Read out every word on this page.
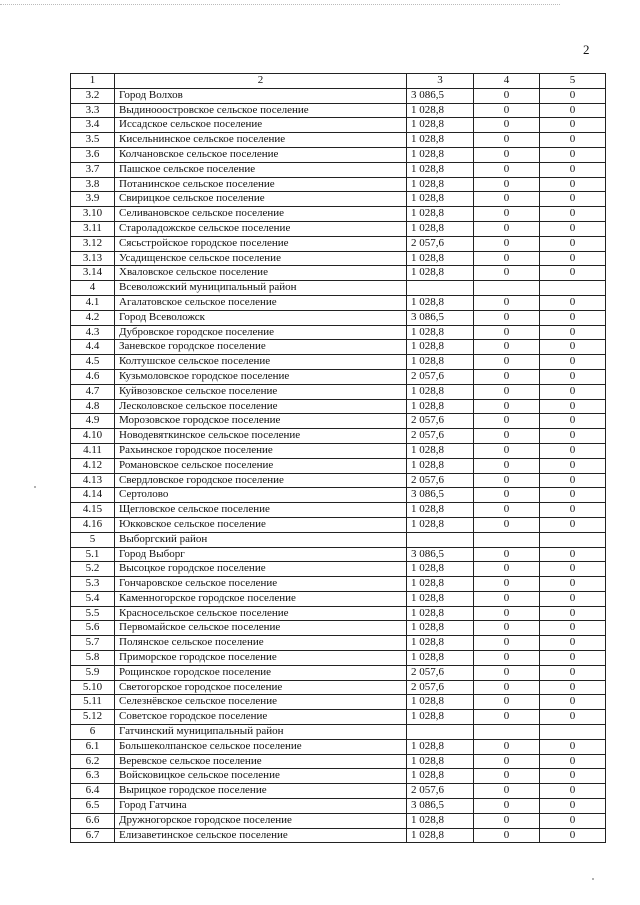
2
1	2	3	4	5
3.2	Город Волхов	3 086,5	0	0
3.3	Выдинооостровское сельское поселение	1 028,8	0	0
3.4	Иссадское сельское поселение	1 028,8	0	0
3.5	Кисельнинское сельское поселение	1 028,8	0	0
3.6	Колчановское сельское поселение	1 028,8	0	0
3.7	Пашское сельское поселение	1 028,8	0	0
3.8	Потанинское сельское поселение	1 028,8	0	0
3.9	Свирицкое сельское поселение	1 028,8	0	0
3.10	Селивановское сельское поселение	1 028,8	0	0
3.11	Староладожское сельское поселение	1 028,8	0	0
3.12	Сясьстройское городское поселение	2 057,6	0	0
3.13	Усадищенское сельское поселение	1 028,8	0	0
3.14	Хваловское сельское поселение	1 028,8	0	0
4	Всеволожский муниципальный район			
4.1	Агалатовское сельское поселение	1 028,8	0	0
4.2	Город Всеволожск	3 086,5	0	0
4.3	Дубровское городское поселение	1 028,8	0	0
4.4	Заневское городское поселение	1 028,8	0	0
4.5	Колтушское сельское поселение	1 028,8	0	0
4.6	Кузьмоловское городское поселение	2 057,6	0	0
4.7	Куйвозовское сельское поселение	1 028,8	0	0
4.8	Лесколовское сельское поселение	1 028,8	0	0
4.9	Морозовское городское поселение	2 057,6	0	0
4.10	Новодевяткинское сельское поселение	2 057,6	0	0
4.11	Рахьинское городское поселение	1 028,8	0	0
4.12	Романовское сельское поселение	1 028,8	0	0
4.13	Свердловское городское поселение	2 057,6	0	0
4.14	Сертолово	3 086,5	0	0
4.15	Щегловское сельское поселение	1 028,8	0	0
4.16	Юкковское сельское поселение	1 028,8	0	0
5	Выборгский район			
5.1	Город Выборг	3 086,5	0	0
5.2	Высоцкое городское поселение	1 028,8	0	0
5.3	Гончаровское сельское поселение	1 028,8	0	0
5.4	Каменногорское городское поселение	1 028,8	0	0
5.5	Красносельское сельское поселение	1 028,8	0	0
5.6	Первомайское сельское поселение	1 028,8	0	0
5.7	Полянское сельское поселение	1 028,8	0	0
5.8	Приморское городское поселение	1 028,8	0	0
5.9	Рощинское городское поселение	2 057,6	0	0
5.10	Светогорское городское поселение	2 057,6	0	0
5.11	Селезнёвское сельское поселение	1 028,8	0	0
5.12	Советское городское поселение	1 028,8	0	0
6	Гатчинский муниципальный район			
6.1	Большеколпанское сельское поселение	1 028,8	0	0
6.2	Веревское сельское поселение	1 028,8	0	0
6.3	Войсковицкое сельское поселение	1 028,8	0	0
6.4	Вырицкое городское поселение	2 057,6	0	0
6.5	Город Гатчина	3 086,5	0	0
6.6	Дружногорское городское поселение	1 028,8	0	0
6.7	Елизаветинское сельское поселение	1 028,8	0	0
